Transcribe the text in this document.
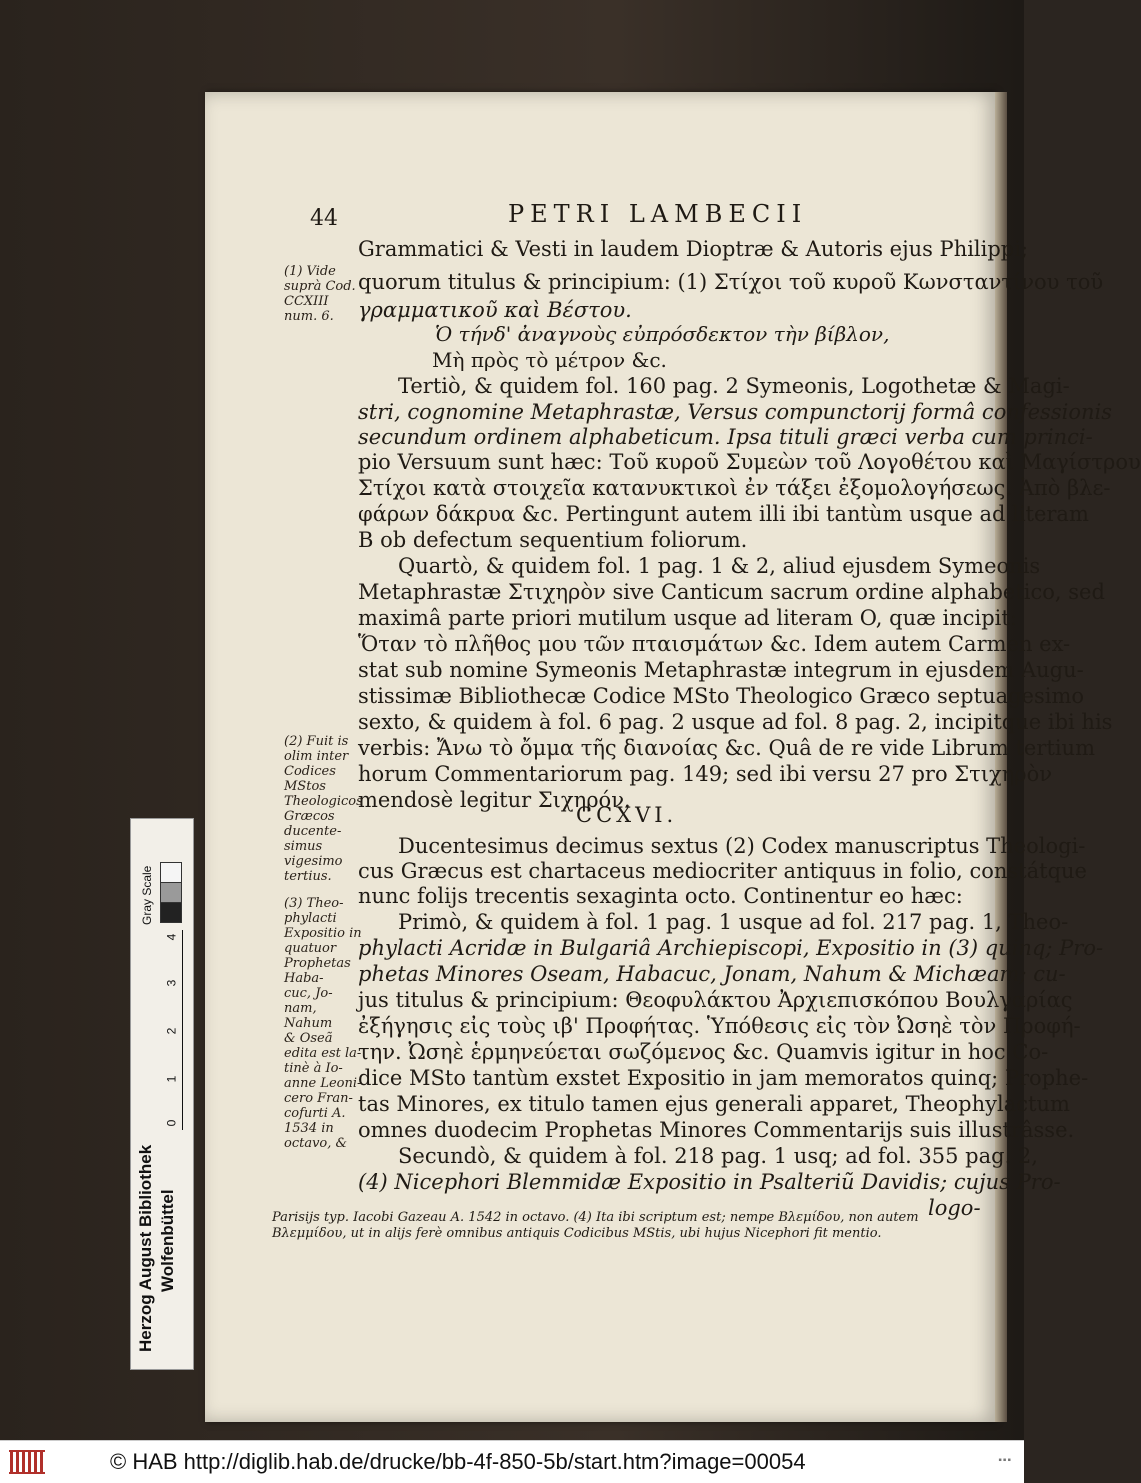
44	PETRI LAMBECII
Grammatici & Vesti in laudem Dioptræ & Autoris ejus Philippi;
quorum titulus & principium: (1) Στίχοι τοῦ κυροῦ Κωνσταντίνου τοῦ
γραμματικοῦ καὶ Βέστου.
Ὁ τήνδ' ἀναγνοὺς εὐπρόσδεκτον τὴν βίβλον,
Μὴ πρὸς τὸ μέτρον &c.
Tertiò, & quidem fol. 160 pag. 2 Symeonis, Logothetæ & Magi-
stri, cognomine Metaphrastæ, Versus compunctorij formâ confessionis
secundum ordinem alphabeticum. Ipsa tituli græci verba cum princi-
pio Versuum sunt hæc: Τοῦ κυροῦ Συμεὼν τοῦ Λογοθέτου καὶ Μαγίστρου
Στίχοι κατὰ στοιχεῖα κατανυκτικοὶ ἐν τάξει ἐξομολογήσεως. Ἀπὸ βλε-
φάρων δάκρυα &c. Pertingunt autem illi ibi tantùm usque ad literam
B ob defectum sequentium foliorum.
Quartò, & quidem fol. 1 pag. 1 & 2, aliud ejusdem Symeonis
Metaphrastæ Στιχηρὸν sive Canticum sacrum ordine alphabetico, sed
maximâ parte priori mutilum usque ad literam O, quæ incipit:
Ὅταν τὸ πλῆθος μου τῶν πταισμάτων &c. Idem autem Carmen ex-
stat sub nomine Symeonis Metaphrastæ integrum in ejusdem Augu-
stissimæ Bibliothecæ Codice MSto Theologico Græco septuagesimo
sexto, & quidem à fol. 6 pag. 2 usque ad fol. 8 pag. 2, incipitque ibi his
verbis: Ἄνω τὸ ὄμμα τῆς διανοίας &c. Quâ de re vide Librum tertium
horum Commentariorum pag. 149; sed ibi versu 27 pro Στιχηρὸν
mendosè legitur Σιχηρόν.
CCXVI.
Ducentesimus decimus sextus (2) Codex manuscriptus Theologi-
cus Græcus est chartaceus mediocriter antiquus in folio, constátque
nunc folijs trecentis sexaginta octo. Continentur eo hæc:
Primò, & quidem à fol. 1 pag. 1 usque ad fol. 217 pag. 1, Theo-
phylacti Acridæ in Bulgariâ Archiepiscopi, Expositio in (3) quinq; Pro-
phetas Minores Oseam, Habacuc, Jonam, Nahum & Michæam; cu-
jus titulus & principium: Θεοφυλάκτου Ἀρχιεπισκόπου Βουλγαρίας
ἐξήγησις εἰς τοὺς ιβ' Προφήτας. Ὑπόθεσις εἰς τὸν Ὠσηὲ τὸν Προφή-
την. Ὠσηὲ ἑρμηνεύεται σωζόμενος &c. Quamvis igitur in hoc Co-
dice MSto tantùm exstet Expositio in jam memoratos quinq; Prophe-
tas Minores, ex titulo tamen ejus generali apparet, Theophylactum
omnes duodecim Prophetas Minores Commentarijs suis illustrâsse.
Secundò, & quidem à fol. 218 pag. 1 usq; ad fol. 355 pag. 2,
(4) Nicephori Blemmidæ Expositio in Psalteriũ Davidis; cujus Pro-
logo-
(1) Vide
suprà Cod.
CCXIII
num. 6.
(2) Fuit is
olim inter
Codices
MStos
Theologicos
Græcos
ducente-
simus
vigesimo
tertius.
(3) Theo-
phylacti
Expositio in
quatuor
Prophetas
Haba-
cuc, Jo-
nam,
Nahum
& Oseã
edita est la-
tinè à Io-
anne Leoni-
cero Fran-
cofurti A.
1534 in
octavo, &
Parisijs typ. Iacobi Gazeau A. 1542 in octavo. (4) Ita ibi scriptum est; nempe Βλεμίδου, non autem Βλεμμίδου, ut in alijs ferè omnibus antiquis Codicibus MStis, ubi hujus Nicephori fit mentio.
Herzog August Bibliothek Wolfenbüttel
Gray Scale
0
1
2
3
4
© HAB http://diglib.hab.de/drucke/bb-4f-850-5b/start.htm?image=00054	▪▪▪
